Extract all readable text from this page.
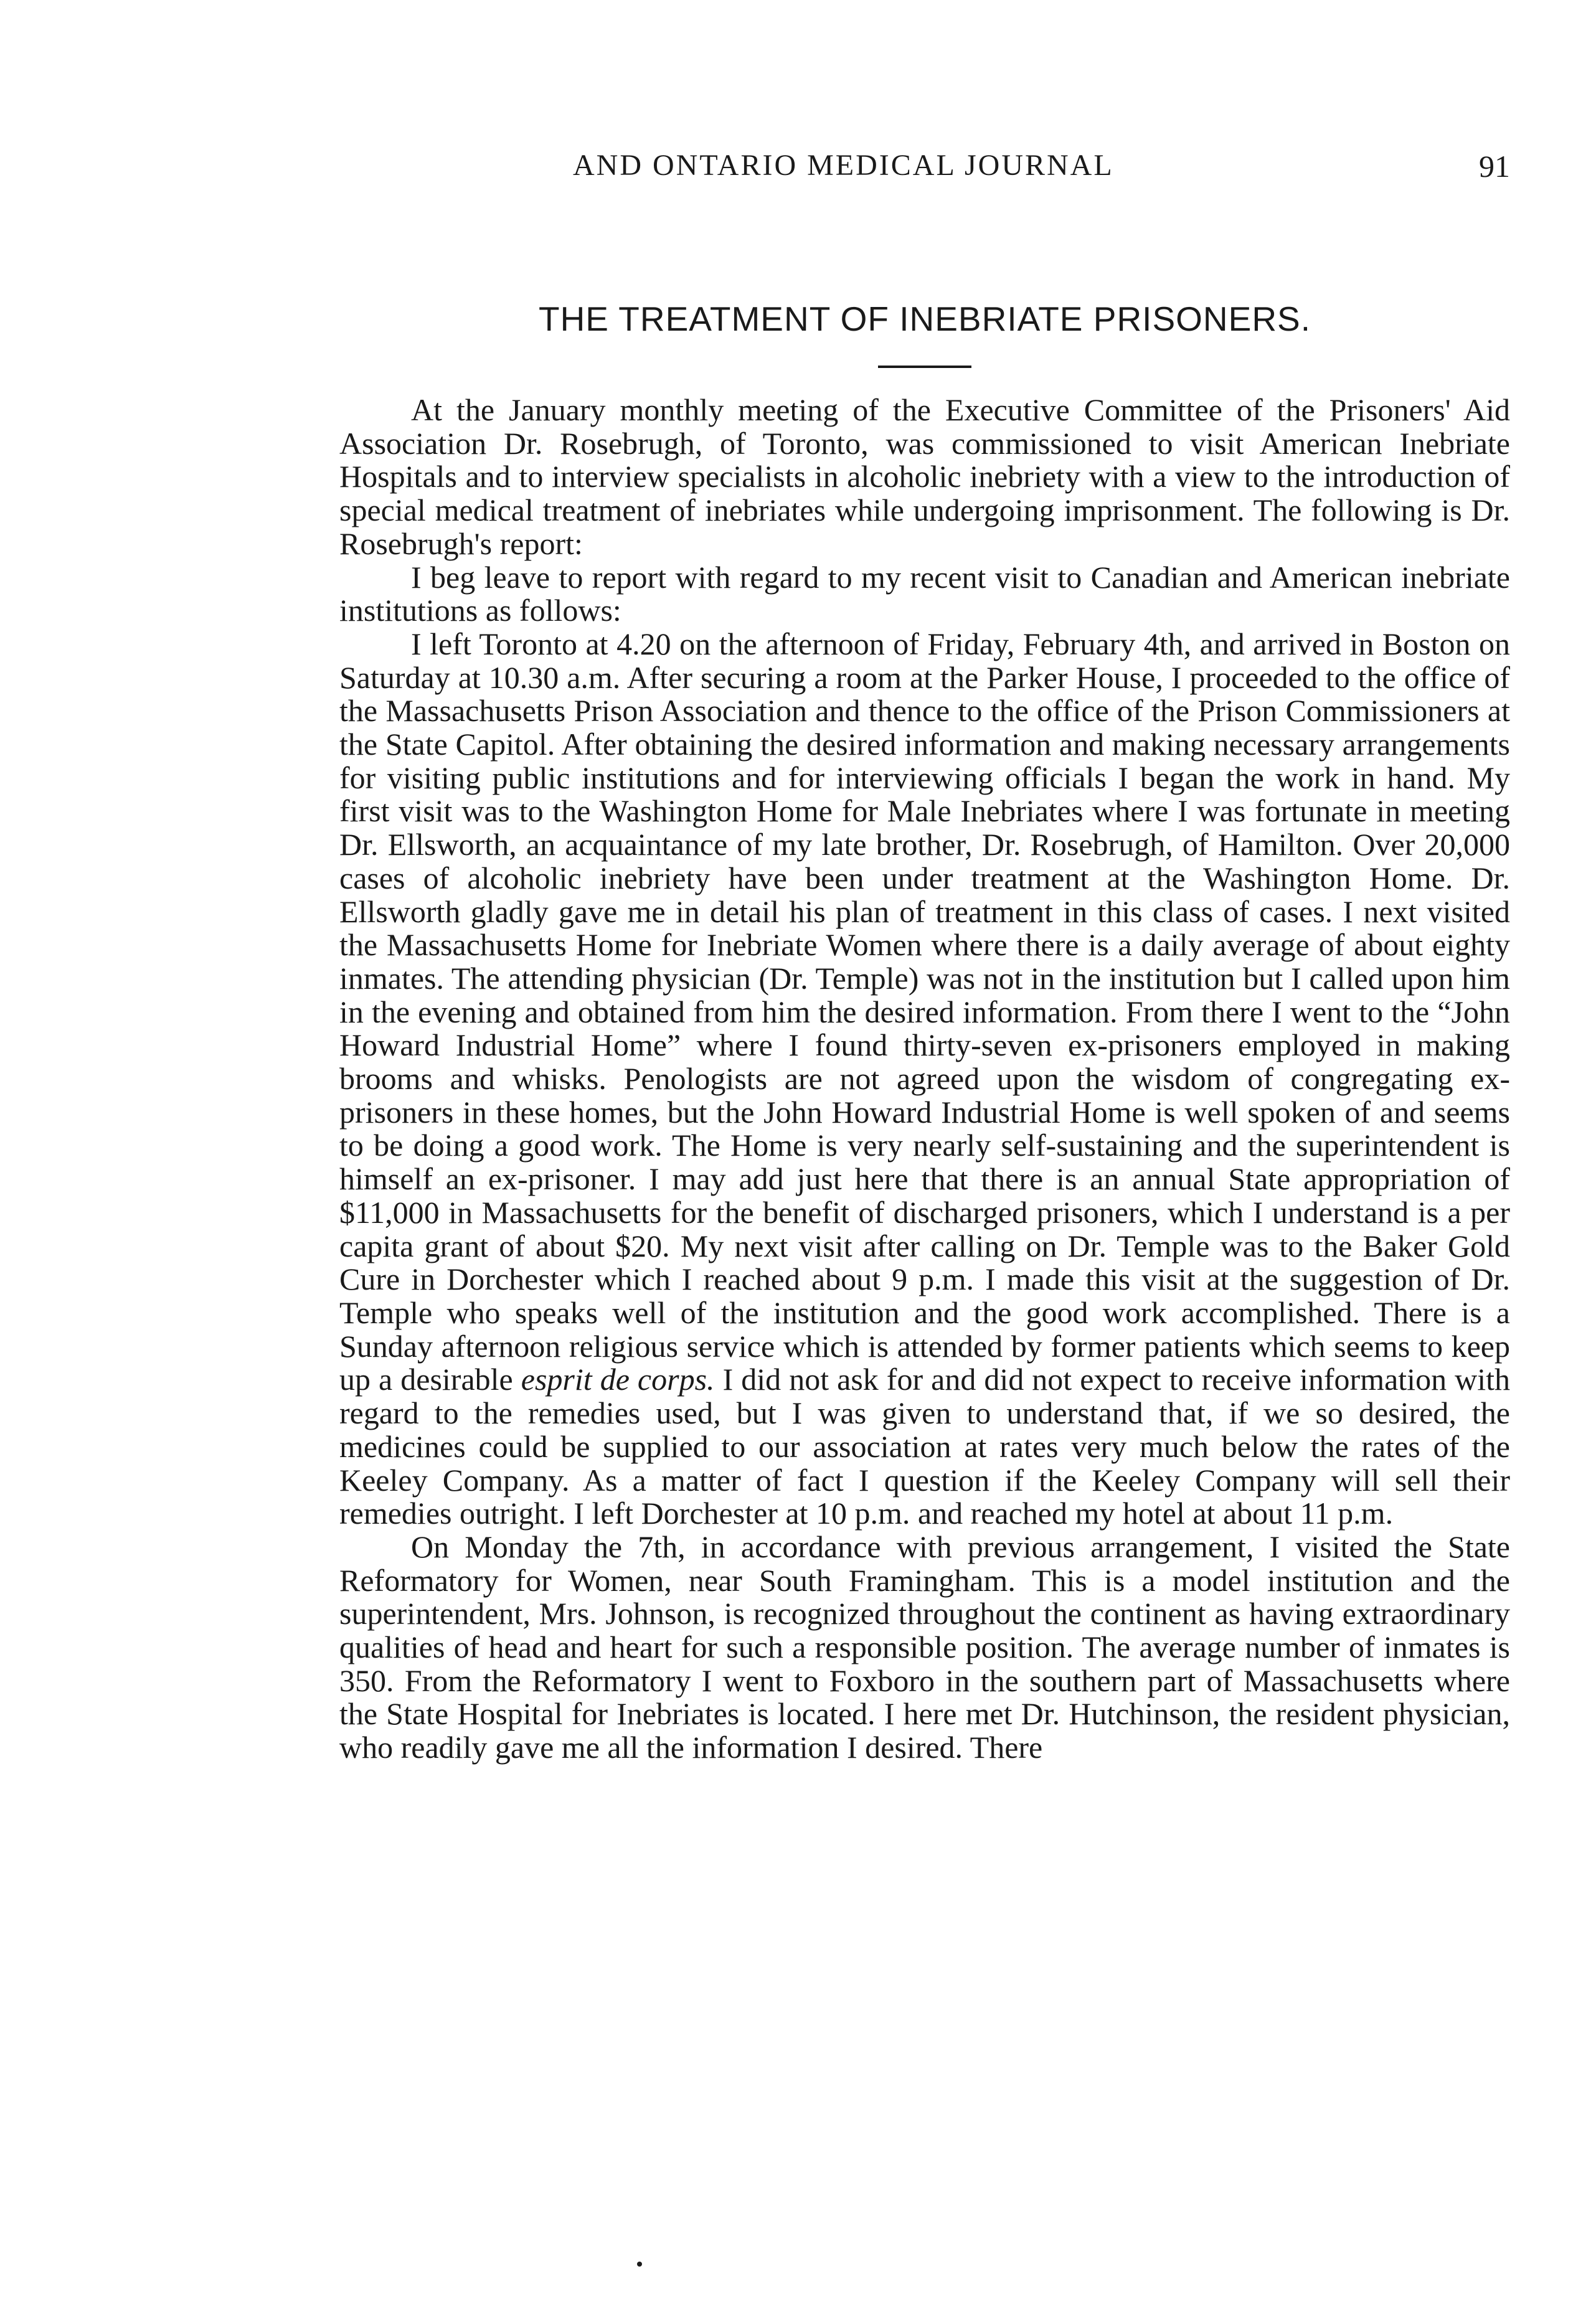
AND ONTARIO MEDICAL JOURNAL	91
THE TREATMENT OF INEBRIATE PRISONERS.

At the January monthly meeting of the Executive Committee of the Prisoners' Aid Association Dr. Rosebrugh, of Toronto, was commissioned to visit American Inebriate Hospitals and to interview specialists in alcoholic inebriety with a view to the introduction of special medical treatment of inebriates while undergoing imprisonment. The following is Dr. Rosebrugh's report:

I beg leave to report with regard to my recent visit to Canadian and American inebriate institutions as follows:

I left Toronto at 4.20 on the afternoon of Friday, February 4th, and arrived in Boston on Saturday at 10.30 a.m. After securing a room at the Parker House, I proceeded to the office of the Massachusetts Prison Association and thence to the office of the Prison Commissioners at the State Capitol. After obtaining the desired information and making necessary arrangements for visiting public institutions and for interviewing officials I began the work in hand. My first visit was to the Washington Home for Male Inebriates where I was fortunate in meeting Dr. Ellsworth, an acquaintance of my late brother, Dr. Rosebrugh, of Hamilton. Over 20,000 cases of alcoholic inebriety have been under treatment at the Washington Home. Dr. Ellsworth gladly gave me in detail his plan of treatment in this class of cases. I next visited the Massachusetts Home for Inebriate Women where there is a daily average of about eighty inmates. The attending physician (Dr. Temple) was not in the institution but I called upon him in the evening and obtained from him the desired information. From there I went to the “John Howard Industrial Home” where I found thirty-seven ex-prisoners employed in making brooms and whisks. Penologists are not agreed upon the wisdom of congregating ex-prisoners in these homes, but the John Howard Industrial Home is well spoken of and seems to be doing a good work. The Home is very nearly self-sustaining and the superintendent is himself an ex-prisoner. I may add just here that there is an annual State appropriation of $11,000 in Massachusetts for the benefit of discharged prisoners, which I understand is a per capita grant of about $20. My next visit after calling on Dr. Temple was to the Baker Gold Cure in Dorchester which I reached about 9 p.m. I made this visit at the suggestion of Dr. Temple who speaks well of the institution and the good work accomplished. There is a Sunday afternoon religious service which is attended by former patients which seems to keep up a desirable esprit de corps. I did not ask for and did not expect to receive information with regard to the remedies used, but I was given to understand that, if we so desired, the medicines could be supplied to our association at rates very much below the rates of the Keeley Company. As a matter of fact I question if the Keeley Company will sell their remedies outright. I left Dorchester at 10 p.m. and reached my hotel at about 11 p.m.

On Monday the 7th, in accordance with previous arrangement, I visited the State Reformatory for Women, near South Framingham. This is a model institution and the superintendent, Mrs. Johnson, is recognized throughout the continent as having extraordinary qualities of head and heart for such a responsible position. The average number of inmates is 350. From the Reformatory I went to Foxboro in the southern part of Massachusetts where the State Hospital for Inebriates is located. I here met Dr. Hutchinson, the resident physician, who readily gave me all the information I desired. There
